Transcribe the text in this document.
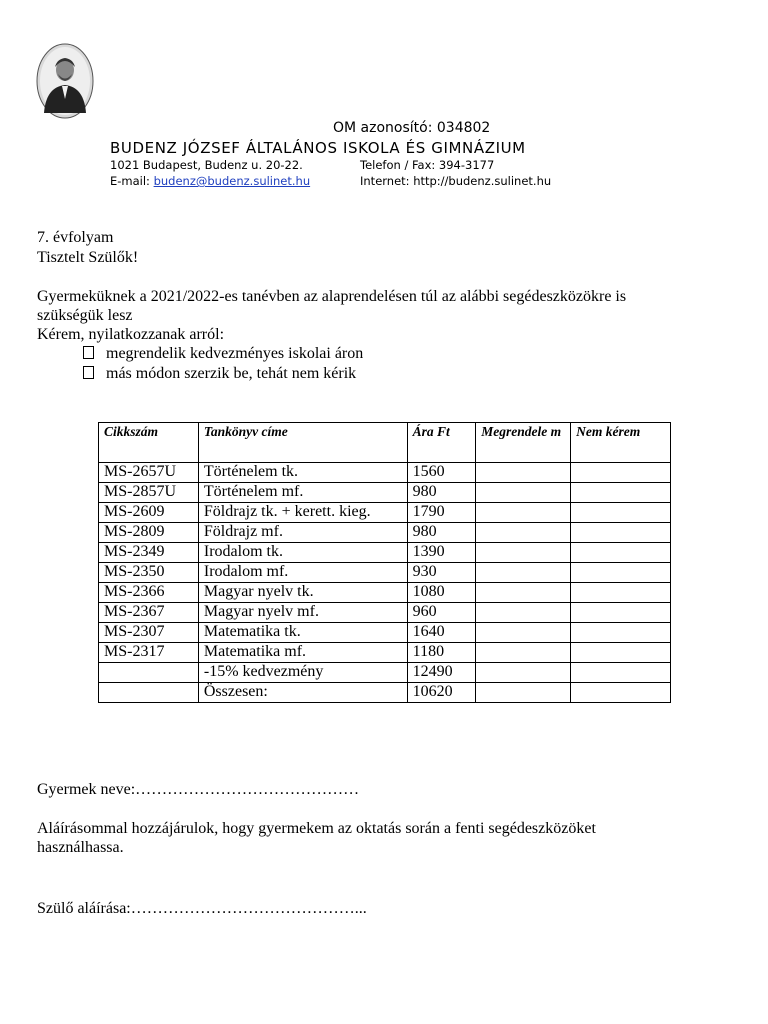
OM azonosító: 034802
BUDENZ JÓZSEF ÁLTALÁNOS ISKOLA ÉS GIMNÁZIUM
1021 Budapest, Budenz u. 20-22.	Telefon / Fax: 394-3177
E-mail: budenz@budenz.sulinet.hu	Internet: http://budenz.sulinet.hu
7. évfolyam
Tisztelt Szülők!
Gyermeküknek a 2021/2022-es tanévben az alaprendelésen túl az alábbi segédeszközökre is
szükségük lesz
Kérem, nyilatkozzanak arról:
megrendelik kedvezményes iskolai áron
más módon szerzik be, tehát nem kérik
Cikkszám	Tankönyv címe	Ára Ft	Megrendele m	Nem kérem
MS-2657U	Történelem tk.	1560		
MS-2857U	Történelem mf.	980		
MS-2609	Földrajz tk. + kerett. kieg.	1790		
MS-2809	Földrajz mf.	980		
MS-2349	Irodalom tk.	1390		
MS-2350	Irodalom mf.	930		
MS-2366	Magyar nyelv tk.	1080		
MS-2367	Magyar nyelv mf.	960		
MS-2307	Matematika tk.	1640		
MS-2317	Matematika mf.	1180		
	-15% kedvezmény	12490		
	Összesen:	10620		
Gyermek neve:……………………………………
Aláírásommal hozzájárulok, hogy gyermekem az oktatás során a fenti segédeszközöket
használhassa.
Szülő aláírása:……………………………………...
